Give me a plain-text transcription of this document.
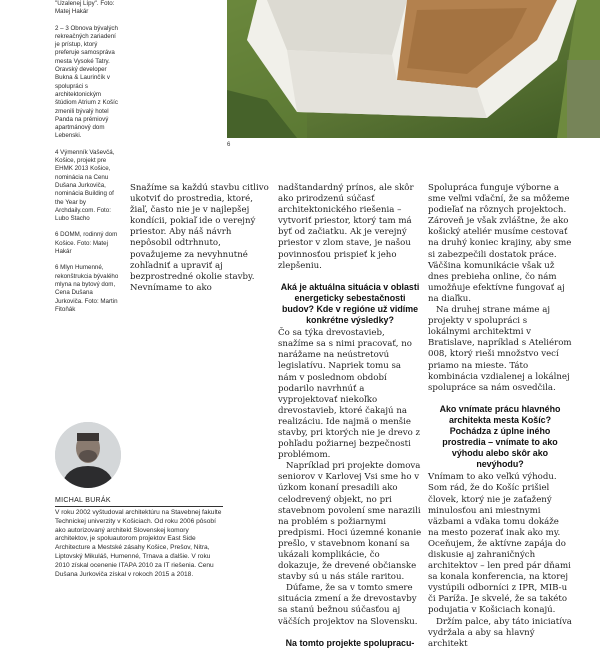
6

"Uzalenej Lípy". Foto: Matej Hakár

2 – 3 Obnova bývalých rekreačných zariadení je prístup, ktorý preferuje samospráva mesta Vysoké Tatry. Oravský developer Bukna & Laurinčík v spolupráci s architektonickým štúdiom Atrium z Košíc zmenili bývalý hotel Panda na prémiový apartmánový dom Lebenski.

4 Výmenník Vaševčá, Košice, projekt pre EHMK 2013 Košice, nominácia na Cenu Dušana Jurkoviča, nominácia Building of the Year by Archdaily.com. Foto: Lubo Stacho

6 DOMM, rodinný dom Košice. Foto: Matej Hakár

6 Mlyn Humenné, rekonštrukcia bývalého mlyna na bytový dom, Cena Dušana Jurkoviča. Foto: Martin Fitoňák

Snažíme sa každú stavbu citlivo ukotviť do prostredia, ktoré, žiaľ, často nie je v najlepšej kondícii, pokiaľ ide o verejný priestor. Aby náš návrh nepôsobil odtrhnuto, považujeme za nevyhnutné zohľadniť a upraviť aj bezprostredné okolie stavby. Nevnímame to ako

MICHAL BURÁK
V roku 2002 vyštudoval architektúru na Stavebnej fakulte Technickej univerzity v Košiciach. Od roku 2006 pôsobí ako autorizovaný architekt Slovenskej komory architektov, je spoluautorom projektov East Side Architecture a Mestské zásahy Košice, Prešov, Nitra, Liptovský Mikuláš, Humenné, Trnava a ďalšie. V roku 2010 získal ocenenie ITAPA 2010 za IT riešenia. Cenu Dušana Jurkoviča získal v rokoch 2015 a 2018.

nadštandardný prínos, ale skôr ako prirodzenú súčasť architektonického riešenia – vytvoriť priestor, ktorý tam má byť od začiatku. Ak je verejný priestor v zlom stave, je našou povinnosťou prispieť k jeho zlepšeniu.

Aká je aktuálna situácia v oblasti energeticky sebestačnosti budov? Kde v regióne už vidíme konkrétne výsledky?

Čo sa týka drevostavieb, snažíme sa s nimi pracovať, no narážame na neústretovú legislatívu. Napriek tomu sa nám v poslednom období podarilo navrhnúť a vyprojektovať niekoľko drevostavieb, ktoré čakajú na realizáciu. Ide najmä o menšie stavby, pri ktorých nie je drevo z pohľadu požiarnej bezpečnosti problémom.

Napríklad pri projekte domova seniorov v Karlovej Vsi sme ho v úzkom konaní presadili ako celodrevený objekt, no pri stavebnom povolení sme narazili na problém s požiarnymi predpismi. Hoci územné konanie prešlo, v stavebnom konaní sa ukázali komplikácie, čo dokazuje, že drevené občianske stavby sú u nás stále raritou.

Dúfame, že sa v tomto smere situácia zmení a že drevostavby sa stanú bežnou súčasťou aj väčších projektov na Slovensku.

Na tomto projekte spolupracu-

Spolupráca funguje výborne a sme veľmi vďační, že sa môžeme podieľať na rôznych projektoch. Zároveň je však zvláštne, že ako košický ateliér musíme cestovať na druhý koniec krajiny, aby sme si zabezpečili dostatok práce. Väčšina komunikácie však už dnes prebieha online, čo nám umožňuje efektívne fungovať aj na diaľku.

Na druhej strane máme aj projekty v spolupráci s lokálnymi architektmi v Bratislave, napríklad s Ateliérom 008, ktorý rieši množstvo vecí priamo na mieste. Táto kombinácia vzdialenej a lokálnej spolupráce sa nám osvedčila.

Ako vnímate prácu hlavného architekta mesta Košíc? Pochádza z úplne iného prostredia – vnímate to ako výhodu alebo skôr ako nevýhodu?

Vnímam to ako veľkú výhodu. Som rád, že do Košíc prišiel človek, ktorý nie je zaťažený minulosťou ani miestnymi väzbami a vďaka tomu dokáže na mesto pozerať inak ako my. Oceňujem, že aktívne zapája do diskusie aj zahraničných architektov – len pred pár dňami sa konala konferencia, na ktorej vystúpili odborníci z IPR, MIB-u či Paríža. Je skvelé, že sa takéto podujatia v Košiciach konajú.

Držím palce, aby táto iniciatíva vydržala a aby sa hlavný architekt
